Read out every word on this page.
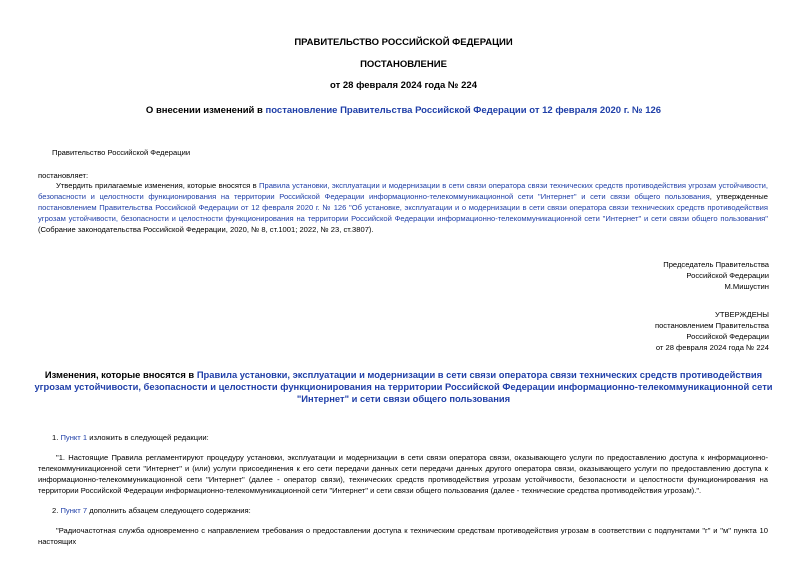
ПРАВИТЕЛЬСТВО РОССИЙСКОЙ ФЕДЕРАЦИИ
ПОСТАНОВЛЕНИЕ
от 28 февраля 2024 года № 224
О внесении изменений в постановление Правительства Российской Федерации от 12 февраля 2020 г. № 126
Правительство Российской Федерации
постановляет:
Утвердить прилагаемые изменения, которые вносятся в Правила установки, эксплуатации и модернизации в сети связи оператора связи технических средств противодействия угрозам устойчивости, безопасности и целостности функционирования на территории Российской Федерации информационно-телекоммуникационной сети "Интернет" и сети связи общего пользования, утвержденные постановлением Правительства Российской Федерации от 12 февраля 2020 г. № 126 "Об установке, эксплуатации и о модернизации в сети связи оператора связи технических средств противодействия угрозам устойчивости, безопасности и целостности функционирования на территории Российской Федерации информационно-телекоммуникационной сети "Интернет" и сети связи общего пользования" (Собрание законодательства Российской Федерации, 2020, № 8, ст.1001; 2022, № 23, ст.3807).
Председатель Правительства
Российской Федерации
М.Мишустин
УТВЕРЖДЕНЫ
постановлением Правительства
Российской Федерации
от 28 февраля 2024 года № 224
Изменения, которые вносятся в Правила установки, эксплуатации и модернизации в сети связи оператора связи технических средств противодействия угрозам устойчивости, безопасности и целостности функционирования на территории Российской Федерации информационно-телекоммуникационной сети "Интернет" и сети связи общего пользования
1. Пункт 1 изложить в следующей редакции:
"1. Настоящие Правила регламентируют процедуру установки, эксплуатации и модернизации в сети связи оператора связи, оказывающего услуги по предоставлению доступа к информационно-телекоммуникационной сети "Интернет" и (или) услуги присоединения к его сети передачи данных сети передачи данных другого оператора связи, оказывающего услуги по предоставлению доступа к информационно-телекоммуникационной сети "Интернет" (далее - оператор связи), технических средств противодействия угрозам устойчивости, безопасности и целостности функционирования на территории Российской Федерации информационно-телекоммуникационной сети "Интернет" и сети связи общего пользования (далее - технические средства противодействия угрозам).".
2. Пункт 7 дополнить абзацем следующего содержания:
"Радиочастотная служба одновременно с направлением требования о предоставлении доступа к техническим средствам противодействия угрозам в соответствии с подпунктами "г" и "м" пункта 10 настоящих
